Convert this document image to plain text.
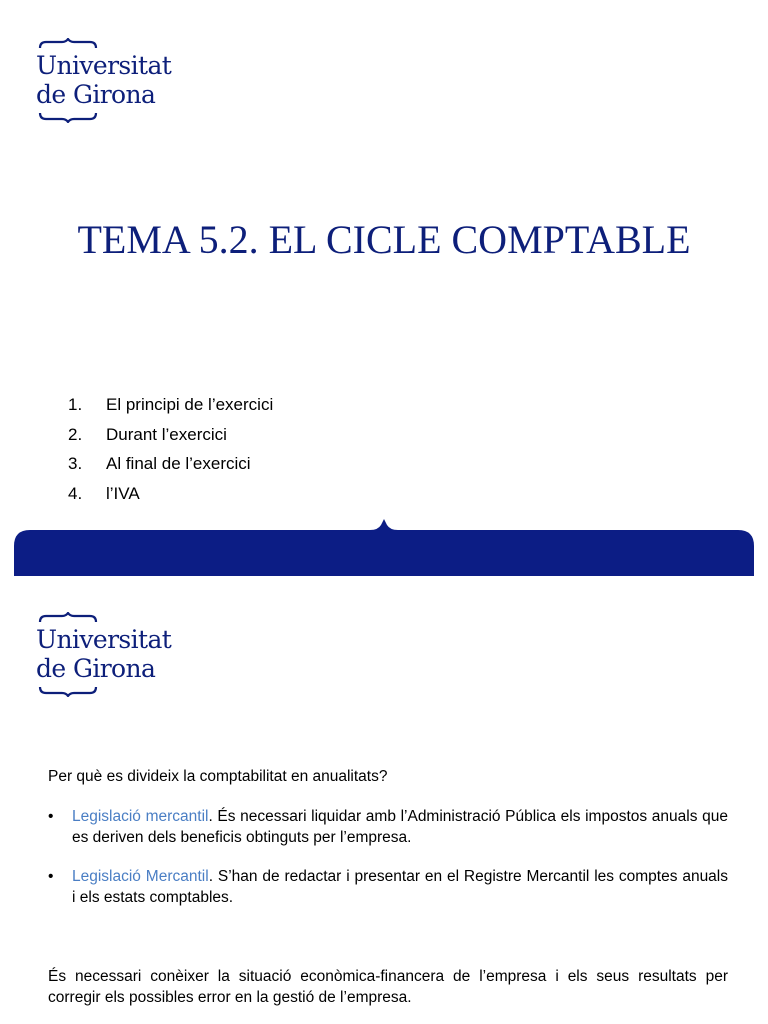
Universitat
de Girona
TEMA 5.2. EL CICLE COMPTABLE
1.	El principi de l’exercici
2.	Durant l’exercici
3.	Al final de l’exercici
4.	l’IVA
Universitat
de Girona

Per què es divideix la comptabilitat en anualitats?

•	Legislació mercantil. És necessari liquidar amb l’Administració Pública els impostos anuals que es deriven dels beneficis obtinguts per l’empresa.
•	Legislació Mercantil. S’han de redactar i presentar en el Registre Mercantil les comptes anuals i els estats comptables.

És necessari conèixer la situació econòmica-financera de l’empresa i els seus resultats per corregir els possibles error en la gestió de l’empresa.
